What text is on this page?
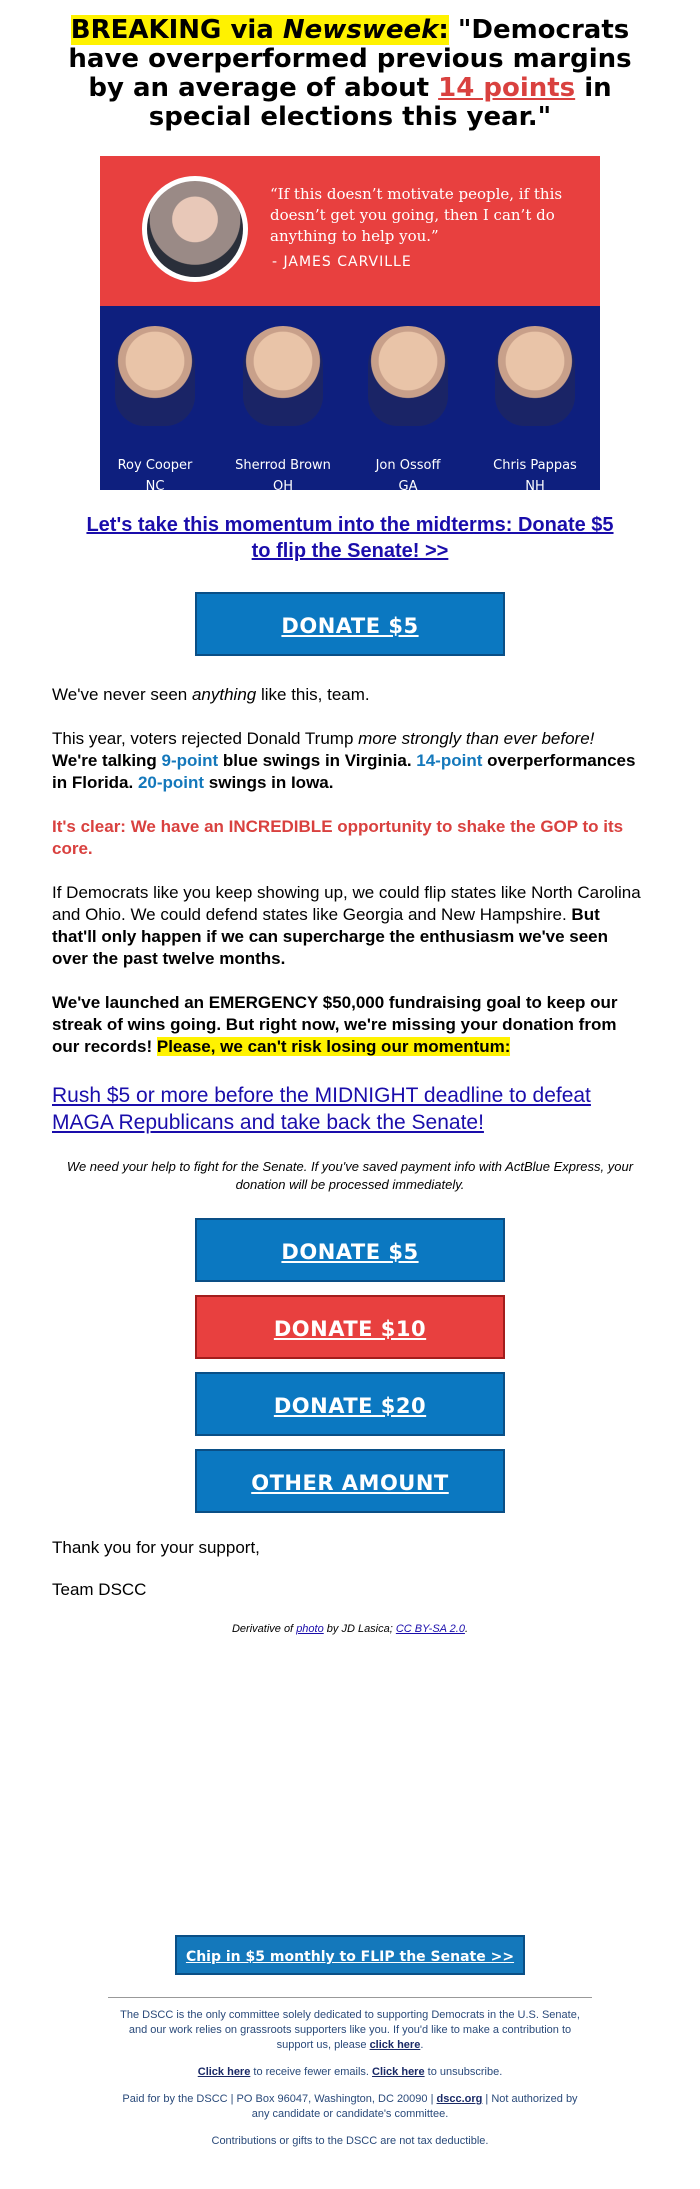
BREAKING via Newsweek: "Democrats have overperformed previous margins by an average of about 14 points in special elections this year."
“If this doesn’t motivate people, if this doesn’t get you going, then I can’t do anything to help you.”
- JAMES CARVILLE
Roy Cooper
NC
Sherrod Brown
OH
Jon Ossoff
GA
Chris Pappas
NH
Let's take this momentum into the midterms: Donate $5 to flip the Senate! >>
DONATE $5

We've never seen anything like this, team.

This year, voters rejected Donald Trump more strongly than ever before!
We're talking 9-point blue swings in Virginia. 14-point overperformances in Florida. 20-point swings in Iowa.

It's clear: We have an INCREDIBLE opportunity to shake the GOP to its core.

If Democrats like you keep showing up, we could flip states like North Carolina and Ohio. We could defend states like Georgia and New Hampshire. But that'll only happen if we can supercharge the enthusiasm we've seen over the past twelve months.

We've launched an EMERGENCY $50,000 fundraising goal to keep our streak of wins going. But right now, we're missing your donation from our records! Please, we can't risk losing our momentum:

Rush $5 or more before the MIDNIGHT deadline to defeat MAGA Republicans and take back the Senate!

We need your help to fight for the Senate. If you've saved payment info with ActBlue Express, your donation will be processed immediately.

DONATE $5
DONATE $10
DONATE $20
OTHER AMOUNT

Thank you for your support,

Team DSCC

Derivative of photo by JD Lasica; CC BY-SA 2.0.

Chip in $5 monthly to FLIP the Senate >>

The DSCC is the only committee solely dedicated to supporting Democrats in the U.S. Senate, and our work relies on grassroots supporters like you. If you'd like to make a contribution to support us, please click here.

Click here to receive fewer emails. Click here to unsubscribe.

Paid for by the DSCC | PO Box 96047, Washington, DC 20090 | dscc.org | Not authorized by any candidate or candidate's committee.

Contributions or gifts to the DSCC are not tax deductible.
